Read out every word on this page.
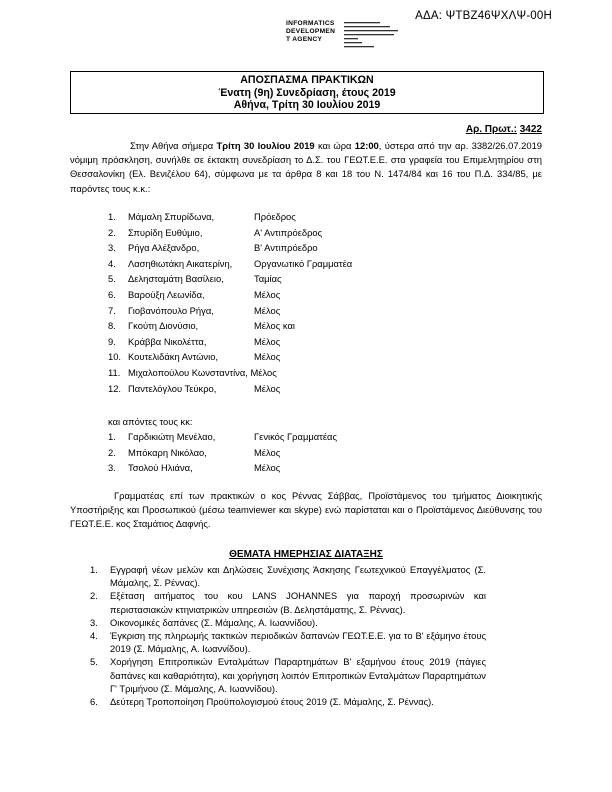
ΑΔΑ: ΨΤΒΖ46ΨΧΛΨ-00Η
INFORMATICS
DEVELOPMEN
T AGENCY
ΑΠΟΣΠΑΣΜΑ ΠΡΑΚΤΙΚΩΝ
Ένατη (9η) Συνεδρίαση, έτους 2019
Αθήνα, Τρίτη 30 Ιουλίου 2019
Αρ. Πρωτ.: 3422
Στην Αθήνα σήμερα Τρίτη 30 Ιουλίου 2019 και ώρα 12:00, ύστερα από την αρ. 3382/26.07.2019 νόμιμη πρόσκληση, συνήλθε σε έκτακτη συνεδρίαση το Δ.Σ. του ΓΕΩΤ.Ε.Ε. στα γραφεία του Επιμελητηρίου στη Θεσσαλονίκη (Ελ. Βενιζέλου 64), σύμφωνα με τα άρθρα 8 και 18 του Ν. 1474/84 και 16 του Π.Δ. 334/85, με παρόντες τους κ.κ.:
1.	Μάμαλη Σπυρίδωνα,	Πρόεδρος
2.	Σπυρίδη Ευθύμιο,	Α' Αντιπρόεδρος
3.	Ρήγα Αλέξανδρο,	Β' Αντιπρόεδρο
4.	Λασηθιωτάκη Αικατερίνη, Οργανωτικό Γραμματέα
5.	Δελησταμάτη Βασίλειο,	Ταμίας
6.	Βαρούξη Λεωνίδα,	Μέλος
7.	Γιοβανόπουλο Ρήγα,	Μέλος
8.	Γκούτη Διονύσιο,	Μέλος και
9.	Κράββα Νικολέττα,	Μέλος
10. Κουτελιδάκη Αντώνιο,	Μέλος
11. Μιχαλοπούλου Κωνσταντίνα, Μέλος
12. Παντελόγλου Τεύκρο,	Μέλος
και απόντες τους κκ:
1.	Γαρδικιώτη Μενέλαο,	Γενικός Γραμματέας
2.	Μπόκαρη Νικόλαο,	Μέλος
3.	Τσολού Ηλιάνα,	Μέλος
Γραμματέας επί των πρακτικών ο κος Ρέννας Σάββας, Προϊστάμενος του τμήματος Διοικητικής Υποστήριξης και Προσωπικού (μέσω teamviewer και skype) ενώ παρίσταται και ο Προϊστάμενος Διεύθυνσης του ΓΕΩΤ.Ε.Ε. κος Σταμάτιος Δαφνής.
ΘΕΜΑΤΑ ΗΜΕΡΗΣΙΑΣ ΔΙΑΤΑΞΗΣ
1. Εγγραφή νέων μελών και Δηλώσεις Συνέχισης Άσκησης Γεωτεχνικού Επαγγέλματος (Σ. Μάμαλης, Σ. Ρέννας).
2. Εξέταση αιτήματος του κου LANS JOHANNES για παροχή προσωρινών και περιστασιακών κτηνιατρικών υπηρεσιών (Β. Δεληστάματης, Σ. Ρέννας).
3. Οικονομικές δαπάνες (Σ. Μάμαλης, Α. Ιωαννίδου).
4. Έγκριση της πληρωμής τακτικών περιοδικών δαπανών ΓΕΩΤ.Ε.Ε. για το Β' εξάμηνο έτους 2019 (Σ. Μάμαλης, Α. Ιωαννίδου).
5. Χορήγηση Επιτροπικών Ενταλμάτων Παραρτημάτων Β' εξαμήνου έτους 2019 (πάγιες δαπάνες και καθαριότητα), και χορήγηση λοιπόν Επιτροπικών Ενταλμάτων Παραρτημάτων Γ' Τριμήνου (Σ. Μάμαλης, Α. Ιωαννίδου).
6. Δεύτερη Τροποποίηση Προϋπολογισμού έτους 2019 (Σ. Μάμαλης, Σ. Ρέννας).
